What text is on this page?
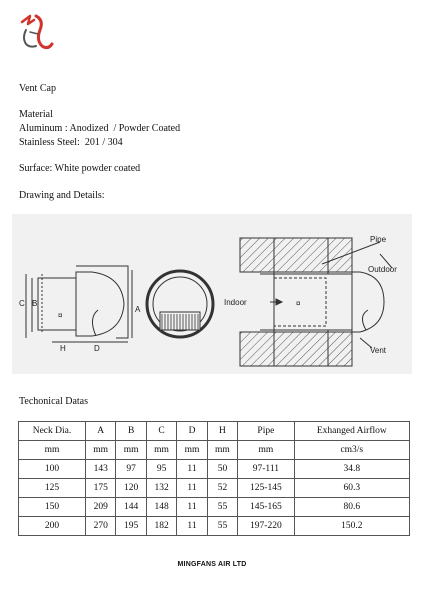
Vent Cap
Material
Aluminum : Anodized  / Powder Coated
Stainless Steel:  201 / 304
Surface: White powder coated
Drawing and Details:
¤
C B
A
H	D
¤
Pipe
Outdoor
Indoor
Vent
Techonical Datas
Neck Dia.	A	B	C	D	H	Pipe	Exhanged Airflow
mm	mm	mm	mm	mm	mm	mm	cm3/s
100	143	97	95	11	50	97-111	34.8
125	175	120	132	11	52	125-145	60.3
150	209	144	148	11	55	145-165	80.6
200	270	195	182	11	55	197-220	150.2
MINGFANS AIR LTD
